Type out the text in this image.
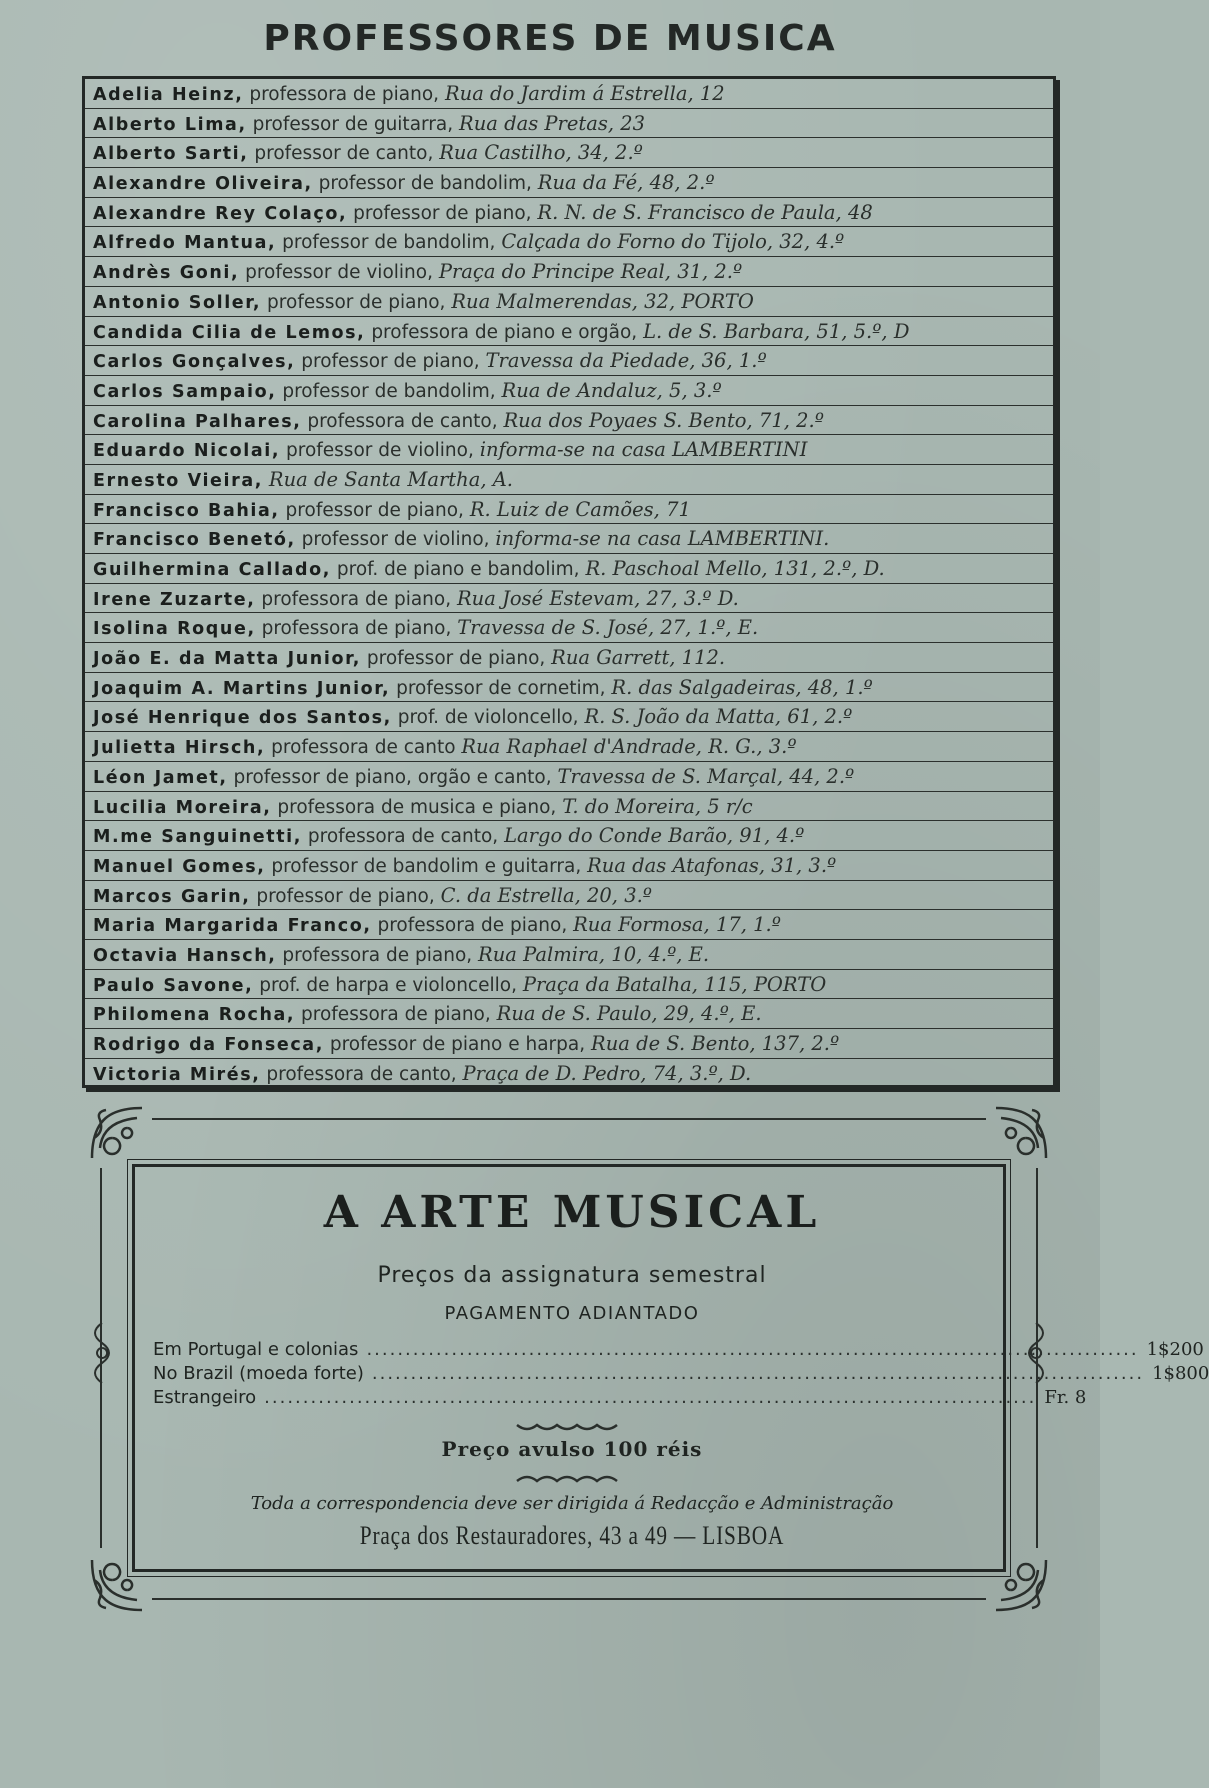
PROFESSORES DE MUSICA
Adelia Heinz, professora de piano, Rua do Jardim á Estrella, 12
Alberto Lima, professor de guitarra, Rua das Pretas, 23
Alberto Sarti, professor de canto, Rua Castilho, 34, 2.º
Alexandre Oliveira, professor de bandolim, Rua da Fé, 48, 2.º
Alexandre Rey Colaço, professor de piano, R. N. de S. Francisco de Paula, 48
Alfredo Mantua, professor de bandolim, Calçada do Forno do Tijolo, 32, 4.º
Andrès Goni, professor de violino, Praça do Principe Real, 31, 2.º
Antonio Soller, professor de piano, Rua Malmerendas, 32, PORTO
Candida Cilia de Lemos, professora de piano e orgão, L. de S. Barbara, 51, 5.º, D
Carlos Gonçalves, professor de piano, Travessa da Piedade, 36, 1.º
Carlos Sampaio, professor de bandolim, Rua de Andaluz, 5, 3.º
Carolina Palhares, professora de canto, Rua dos Poyaes S. Bento, 71, 2.º
Eduardo Nicolai, professor de violino, informa-se na casa LAMBERTINI
Ernesto Vieira, Rua de Santa Martha, A.
Francisco Bahia, professor de piano, R. Luiz de Camões, 71
Francisco Benetó, professor de violino, informa-se na casa LAMBERTINI.
Guilhermina Callado, prof. de piano e bandolim, R. Paschoal Mello, 131, 2.º, D.
Irene Zuzarte, professora de piano, Rua José Estevam, 27, 3.º D.
Isolina Roque, professora de piano, Travessa de S. José, 27, 1.º, E.
João E. da Matta Junior, professor de piano, Rua Garrett, 112.
Joaquim A. Martins Junior, professor de cornetim, R. das Salgadeiras, 48, 1.º
José Henrique dos Santos, prof. de violoncello, R. S. João da Matta, 61, 2.º
Julietta Hirsch, professora de canto Rua Raphael d'Andrade, R. G., 3.º
Léon Jamet, professor de piano, orgão e canto, Travessa de S. Marçal, 44, 2.º
Lucilia Moreira, professora de musica e piano, T. do Moreira, 5 r/c
M.me Sanguinetti, professora de canto, Largo do Conde Barão, 91, 4.º
Manuel Gomes, professor de bandolim e guitarra, Rua das Atafonas, 31, 3.º
Marcos Garin, professor de piano, C. da Estrella, 20, 3.º
Maria Margarida Franco, professora de piano, Rua Formosa, 17, 1.º
Octavia Hansch, professora de piano, Rua Palmira, 10, 4.º, E.
Paulo Savone, prof. de harpa e violoncello, Praça da Batalha, 115, PORTO
Philomena Rocha, professora de piano, Rua de S. Paulo, 29, 4.º, E.
Rodrigo da Fonseca, professor de piano e harpa, Rua de S. Bento, 137, 2.º
Victoria Mirés, professora de canto, Praça de D. Pedro, 74, 3.º, D.
A ARTE MUSICAL
Preços da assignatura semestral
PAGAMENTO ADIANTADO
Em Portugal e colonias .................................................................................................... 1$200
No Brazil (moeda forte) .................................................................................................... 1$800
Estrangeiro .................................................................................................... Fr. 8
Preço avulso 100 réis
Toda a correspondencia deve ser dirigida á Redacção e Administração
Praça dos Restauradores, 43 a 49 — LISBOA
